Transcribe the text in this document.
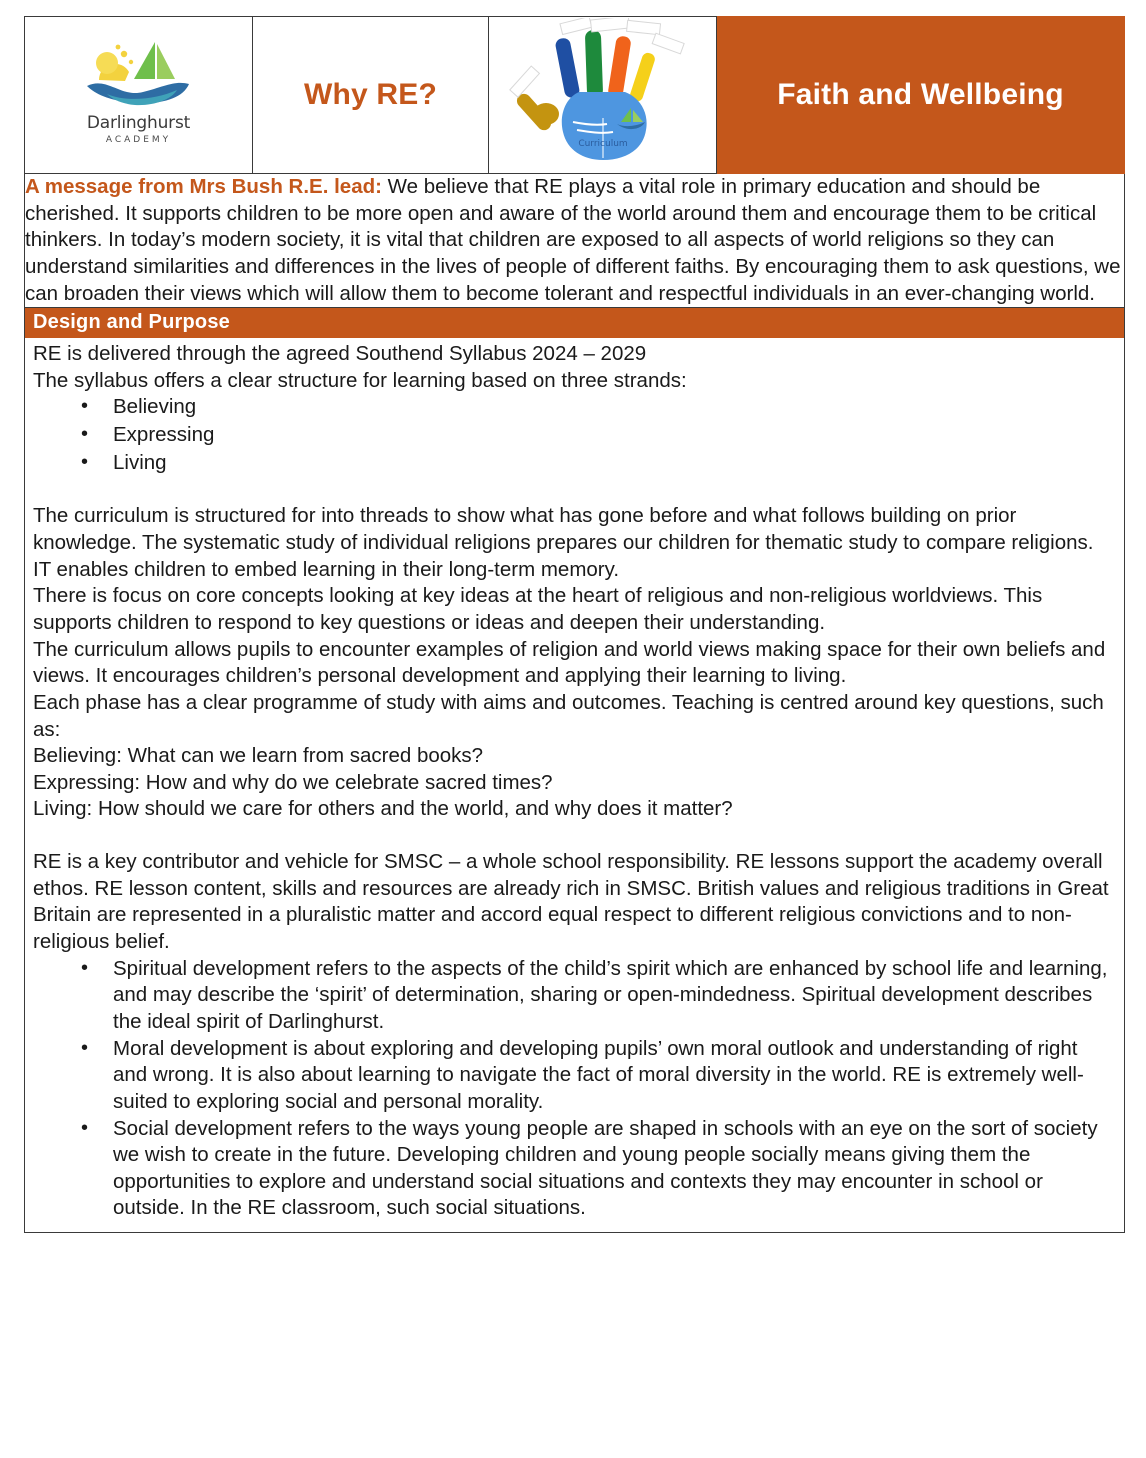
Darlinghurst
ACADEMY

Why RE?

Curriculum

Faith and Wellbeing

A message from Mrs Bush R.E. lead: We believe that RE plays a vital role in primary education and should be cherished. It supports children to be more open and aware of the world around them and encourage them to be critical thinkers. In today’s modern society, it is vital that children are exposed to all aspects of world religions so they can understand similarities and differences in the lives of people of different faiths. By encouraging them to ask questions, we can broaden their views which will allow them to become tolerant and respectful individuals in an ever-changing world.

Design and Purpose

RE is delivered through the agreed Southend Syllabus 2024 – 2029

The syllabus offers a clear structure for learning based on three strands:

• Believing
• Expressing
• Living

The curriculum is structured for into threads to show what has gone before and what follows building on prior knowledge. The systematic study of individual religions prepares our children for thematic study to compare religions. IT enables children to embed learning in their long-term memory.

There is focus on core concepts looking at key ideas at the heart of religious and non-religious worldviews. This supports children to respond to key questions or ideas and deepen their understanding.

The curriculum allows pupils to encounter examples of religion and world views making space for their own beliefs and views. It encourages children’s personal development and applying their learning to living.

Each phase has a clear programme of study with aims and outcomes. Teaching is centred around key questions, such as:

Believing: What can we learn from sacred books?

Expressing: How and why do we celebrate sacred times?

Living: How should we care for others and the world, and why does it matter?

RE is a key contributor and vehicle for SMSC – a whole school responsibility. RE lessons support the academy overall ethos. RE lesson content, skills and resources are already rich in SMSC. British values and religious traditions in Great Britain are represented in a pluralistic matter and accord equal respect to different religious convictions and to non-religious belief.

• Spiritual development refers to the aspects of the child’s spirit which are enhanced by school life and learning, and may describe the ‘spirit’ of determination, sharing or open-mindedness. Spiritual development describes the ideal spirit of Darlinghurst.
• Moral development is about exploring and developing pupils’ own moral outlook and understanding of right and wrong. It is also about learning to navigate the fact of moral diversity in the world. RE is extremely well-suited to exploring social and personal morality.
• Social development refers to the ways young people are shaped in schools with an eye on the sort of society we wish to create in the future. Developing children and young people socially means giving them the opportunities to explore and understand social situations and contexts they may encounter in school or outside. In the RE classroom, such social situations.
